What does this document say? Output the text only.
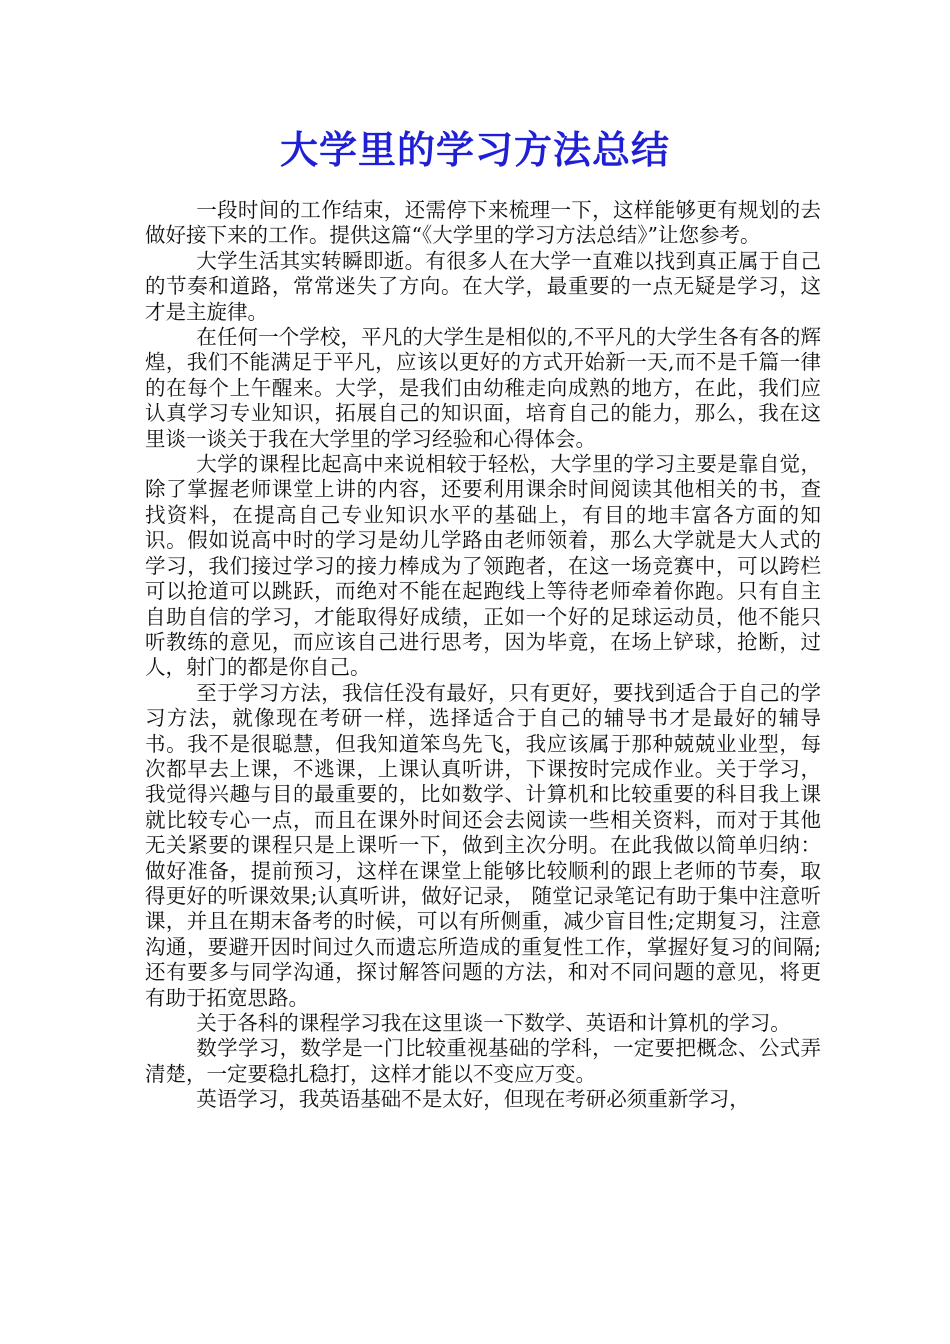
大学里的学习方法总结

一段时间的工作结束，还需停下来梳理一下，这样能够更有规划的去做好接下来的工作。提供这篇“《大学里的学习方法总结》”让您参考。

大学生活其实转瞬即逝。有很多人在大学一直难以找到真正属于自己的节奏和道路，常常迷失了方向。在大学，最重要的一点无疑是学习，这才是主旋律。

在任何一个学校，平凡的大学生是相似的,不平凡的大学生各有各的辉煌，我们不能满足于平凡，应该以更好的方式开始新一天,而不是千篇一律的在每个上午醒来。大学，是我们由幼稚走向成熟的地方，在此，我们应认真学习专业知识，拓展自己的知识面，培育自己的能力，那么，我在这里谈一谈关于我在大学里的学习经验和心得体会。

大学的课程比起高中来说相较于轻松，大学里的学习主要是靠自觉，除了掌握老师课堂上讲的内容，还要利用课余时间阅读其他相关的书，查找资料，在提高自己专业知识水平的基础上，有目的地丰富各方面的知识。假如说高中时的学习是幼儿学路由老师领着，那么大学就是大人式的学习，我们接过学习的接力棒成为了领跑者，在这一场竞赛中，可以跨栏可以抢道可以跳跃，而绝对不能在起跑线上等待老师牵着你跑。只有自主自助自信的学习，才能取得好成绩，正如一个好的足球运动员，他不能只听教练的意见，而应该自己进行思考，因为毕竟，在场上铲球，抢断，过人，射门的都是你自己。

至于学习方法，我信任没有最好，只有更好，要找到适合于自己的学习方法，就像现在考研一样，选择适合于自己的辅导书才是最好的辅导书。我不是很聪慧，但我知道笨鸟先飞，我应该属于那种兢兢业业型，每次都早去上课，不逃课，上课认真听讲，下课按时完成作业。关于学习，我觉得兴趣与目的最重要的，比如数学、计算机和比较重要的科目我上课就比较专心一点，而且在课外时间还会去阅读一些相关资料，而对于其他无关紧要的课程只是上课听一下，做到主次分明。在此我做以简单归纳：做好准备，提前预习，这样在课堂上能够比较顺利的跟上老师的节奏，取得更好的听课效果;认真听讲，做好记录， 随堂记录笔记有助于集中注意听课，并且在期末备考的时候，可以有所侧重，减少盲目性;定期复习，注意沟通，要避开因时间过久而遗忘所造成的重复性工作，掌握好复习的间隔;还有要多与同学沟通，探讨解答问题的方法，和对不同问题的意见，将更有助于拓宽思路。

关于各科的课程学习我在这里谈一下数学、英语和计算机的学习。

数学学习，数学是一门比较重视基础的学科，一定要把概念、公式弄清楚，一定要稳扎稳打，这样才能以不变应万变。

英语学习，我英语基础不是太好，但现在考研必须重新学习，
